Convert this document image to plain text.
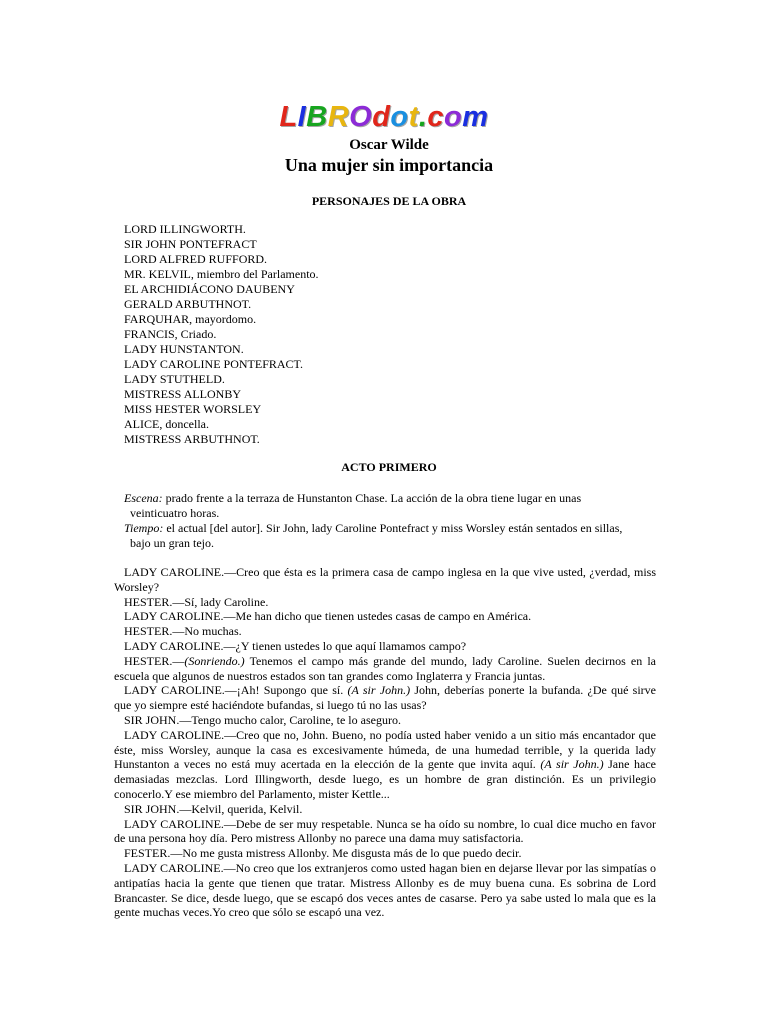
LIBROdot.com
Oscar Wilde
Una mujer sin importancia
PERSONAJES DE LA OBRA
LORD ILLINGWORTH.
SIR JOHN PONTEFRACT
LORD ALFRED RUFFORD.
MR. KELVIL, miembro del Parlamento.
EL ARCHIDIÁCONO DAUBENY
GERALD ARBUTHNOT.
FARQUHAR, mayordomo.
FRANCIS, Criado.
LADY HUNSTANTON.
LADY CAROLINE PONTEFRACT.
LADY STUTHELD.
MISTRESS ALLONBY
MISS HESTER WORSLEY
ALICE, doncella.
MISTRESS ARBUTHNOT.
ACTO PRIMERO
Escena: prado frente a la terraza de Hunstanton Chase. La acción de la obra tiene lugar en unas
veinticuatro horas.
Tiempo: el actual [del autor]. Sir John, lady Caroline Pontefract y miss Worsley están sentados en sillas,
bajo un gran tejo.

LADY CAROLINE.—Creo que ésta es la primera casa de campo inglesa en la que vive usted, ¿verdad, miss Worsley?

HESTER.—Sí, lady Caroline.

LADY CAROLINE.—Me han dicho que tienen ustedes casas de campo en América.

HESTER.—No muchas.

LADY CAROLINE.—¿Y tienen ustedes lo que aquí llamamos campo?

HESTER.—(Sonriendo.) Tenemos el campo más grande del mundo, lady Caroline. Suelen decirnos en la escuela que algunos de nuestros estados son tan grandes como Inglaterra y Francia juntas.

LADY CAROLINE.—¡Ah! Supongo que sí. (A sir John.) John, deberías ponerte la bufanda. ¿De qué sirve que yo siempre esté haciéndote bufandas, si luego tú no las usas?

SIR JOHN.—Tengo mucho calor, Caroline, te lo aseguro.

LADY CAROLINE.—Creo que no, John. Bueno, no podía usted haber venido a un sitio más encantador que éste, miss Worsley, aunque la casa es excesivamente húmeda, de una humedad terrible, y la querida lady Hunstanton a veces no está muy acertada en la elección de la gente que invita aquí. (A sir John.) Jane hace demasiadas mezclas. Lord Illingworth, desde luego, es un hombre de gran distinción. Es un privilegio conocerlo.Y ese miembro del Parlamento, mister Kettle...

SIR JOHN.—Kelvil, querida, Kelvil.

LADY CAROLINE.—Debe de ser muy respetable. Nunca se ha oído su nombre, lo cual dice mucho en favor de una persona hoy día. Pero mistress Allonby no parece una dama muy satisfactoria.

FESTER.—No me gusta mistress Allonby. Me disgusta más de lo que puedo decir.

LADY CAROLINE.—No creo que los extranjeros como usted hagan bien en dejarse llevar por las simpatías o antipatías hacia la gente que tienen que tratar. Mistress Allonby es de muy buena cuna. Es sobrina de Lord Brancaster. Se dice, desde luego, que se escapó dos veces antes de casarse. Pero ya sabe usted lo mala que es la gente muchas veces.Yo creo que sólo se escapó una vez.
